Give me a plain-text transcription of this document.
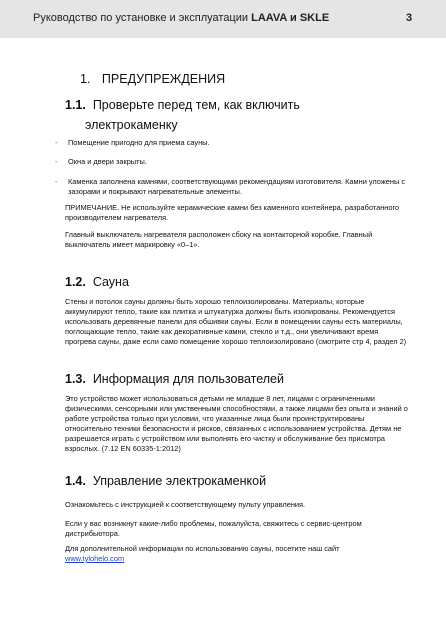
Руководство по установке и эксплуатации LAAVA и SKLE	3
1. ПРЕДУПРЕЖДЕНИЯ
1.1. Проверьте перед тем, как включить
электрокаменку
-	Помещение пригодно для приема сауны.
-	Окна и двери закрыты.
-	Каменка заполнена камнями, соответствующими рекомендациям изготовителя. Камни уложены с зазорами и покрывают нагревательные элементы.

ПРИМЕЧАНИЕ. Не используйте керамические камни без каменного контейнера, разработанного производителем нагревателя.

Главный выключатель нагревателя расположен сбоку на контакторной коробке. Главный выключатель имеет маркировку «0–1».

1.2. Сауна

Стены и потолок сауны должны быть хорошо теплоизолированы. Материалы, которые аккумулируют тепло, такие как плитка и штукатурка должны быть изолированы. Рекомендуется использовать деревянные панели для обшивки сауны. Если в помещении сауны есть материалы, поглощающие тепло, такие как декоративные камни, стекло и т.д., они увеличивают время прогрева сауны, даже если само помещение хорошо теплоизолировано (смотрите стр 4, раздел 2)

1.3. Информация для пользователей

Это устройство может использоваться детьми не младше 8 лет, лицами с ограниченными физическими, сенсорными или умственными способностями, а также лицами без опыта и знаний о работе устройства только при условии, что указанные лица были проинструктированы относительно техники безопасности и рисков, связанных с использованием устройства. Детям не разрешается играть с устройством или выполнять его чистку и обслуживание без присмотра взрослых. (7.12 EN 60335-1:2012)

1.4. Управление электрокаменкой

Ознакомьтесь с инструкцией к соответствующему пульту управления.

Если у вас возникнут какие-либо проблемы, пожалуйста, свяжитесь с сервис-центром дистрибьютора.

Для дополнительной информации по использованию сауны, посетите наш сайт
www.tylohelo.com
